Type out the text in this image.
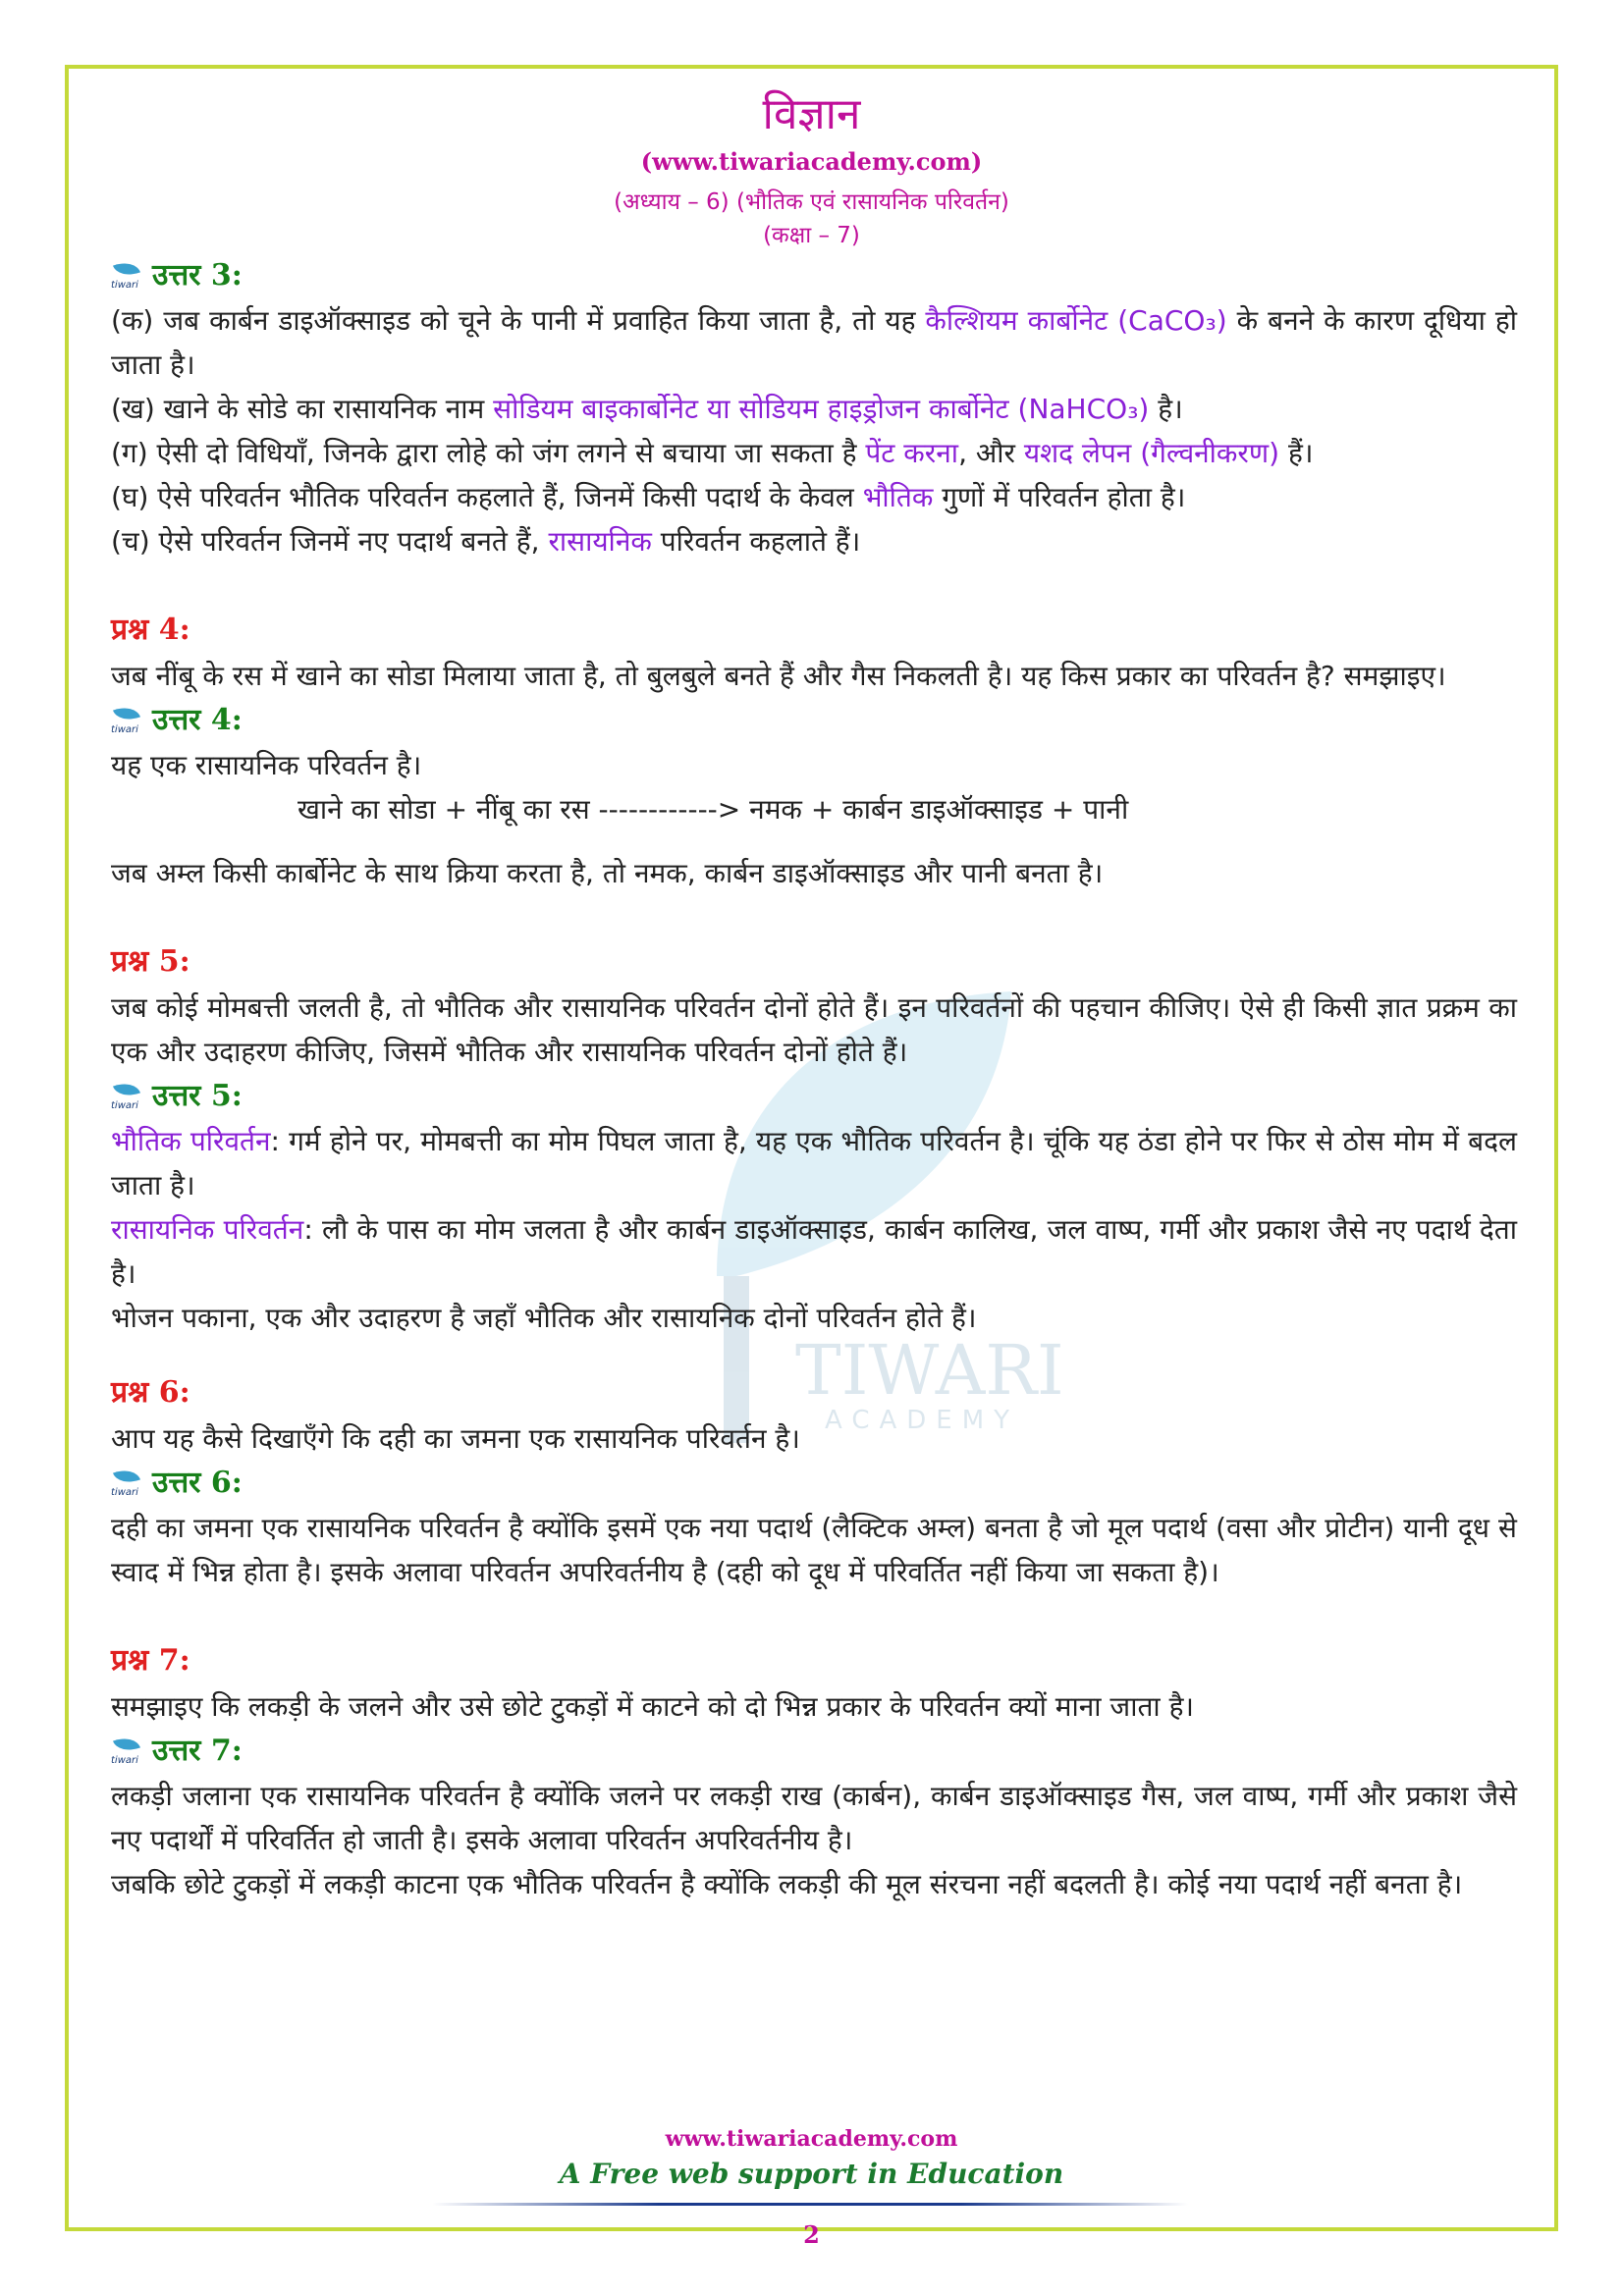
विज्ञान
(www.tiwariacademy.com)
(अध्याय – 6) (भौतिक एवं रासायनिक परिवर्तन)
(कक्षा – 7)
TIWARI
ACADEMY
tiwari उत्तर 3:

(क) जब कार्बन डाइऑक्साइड को चूने के पानी में प्रवाहित किया जाता है, तो यह कैल्शियम कार्बोनेट (CaCO₃) के बनने के कारण दूधिया हो जाता है।

(ख) खाने के सोडे का रासायनिक नाम सोडियम बाइकार्बोनेट या सोडियम हाइड्रोजन कार्बोनेट (NaHCO₃) है।

(ग) ऐसी दो विधियाँ, जिनके द्वारा लोहे को जंग लगने से बचाया जा सकता है पेंट करना, और यशद लेपन (गैल्वनीकरण) हैं।

(घ) ऐसे परिवर्तन भौतिक परिवर्तन कहलाते हैं, जिनमें किसी पदार्थ के केवल भौतिक गुणों में परिवर्तन होता है।

(च) ऐसे परिवर्तन जिनमें नए पदार्थ बनते हैं, रासायनिक परिवर्तन कहलाते हैं।

प्रश्न 4:

जब नींबू के रस में खाने का सोडा मिलाया जाता है, तो बुलबुले बनते हैं और गैस निकलती है। यह किस प्रकार का परिवर्तन है? समझाइए।

tiwari उत्तर 4:

यह एक रासायनिक परिवर्तन है।

खाने का सोडा + नींबू का रस ------------> नमक + कार्बन डाइऑक्साइड + पानी

जब अम्ल किसी कार्बोनेट के साथ क्रिया करता है, तो नमक, कार्बन डाइऑक्साइड और पानी बनता है।

प्रश्न 5:

जब कोई मोमबत्ती जलती है, तो भौतिक और रासायनिक परिवर्तन दोनों होते हैं। इन परिवर्तनों की पहचान कीजिए। ऐसे ही किसी ज्ञात प्रक्रम का एक और उदाहरण कीजिए, जिसमें भौतिक और रासायनिक परिवर्तन दोनों होते हैं।

tiwari उत्तर 5:

भौतिक परिवर्तन: गर्म होने पर, मोमबत्ती का मोम पिघल जाता है, यह एक भौतिक परिवर्तन है। चूंकि यह ठंडा होने पर फिर से ठोस मोम में बदल जाता है।

रासायनिक परिवर्तन: लौ के पास का मोम जलता है और कार्बन डाइऑक्साइड, कार्बन कालिख, जल वाष्प, गर्मी और प्रकाश जैसे नए पदार्थ देता है।

भोजन पकाना, एक और उदाहरण है जहाँ भौतिक और रासायनिक दोनों परिवर्तन होते हैं।

प्रश्न 6:

आप यह कैसे दिखाएँगे कि दही का जमना एक रासायनिक परिवर्तन है।

tiwari उत्तर 6:

दही का जमना एक रासायनिक परिवर्तन है क्योंकि इसमें एक नया पदार्थ (लैक्टिक अम्ल) बनता है जो मूल पदार्थ (वसा और प्रोटीन) यानी दूध से स्वाद में भिन्न होता है। इसके अलावा परिवर्तन अपरिवर्तनीय है (दही को दूध में परिवर्तित नहीं किया जा सकता है)।

प्रश्न 7:

समझाइए कि लकड़ी के जलने और उसे छोटे टुकड़ों में काटने को दो भिन्न प्रकार के परिवर्तन क्यों माना जाता है।

tiwari उत्तर 7:

लकड़ी जलाना एक रासायनिक परिवर्तन है क्योंकि जलने पर लकड़ी राख (कार्बन), कार्बन डाइऑक्साइड गैस, जल वाष्प, गर्मी और प्रकाश जैसे नए पदार्थों में परिवर्तित हो जाती है। इसके अलावा परिवर्तन अपरिवर्तनीय है।

जबकि छोटे टुकड़ों में लकड़ी काटना एक भौतिक परिवर्तन है क्योंकि लकड़ी की मूल संरचना नहीं बदलती है। कोई नया पदार्थ नहीं बनता है।

www.tiwariacademy.com
A Free web support in Education
2
